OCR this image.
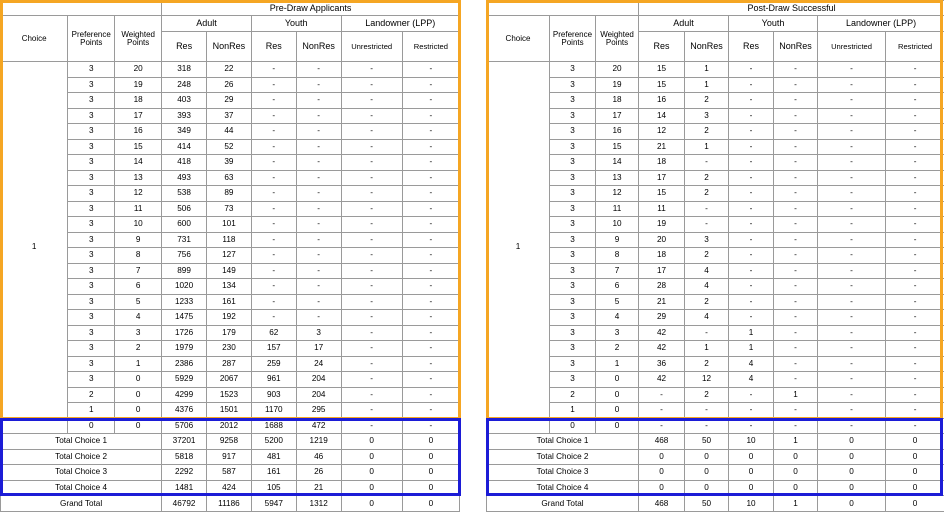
			Pre-Draw Applicants					
Choice	Preference Points	Weighted Points	Adult		Youth		Landowner (LPP)	
			Res	NonRes	Res	NonRes	Unrestricted	Restricted
1	3	20	318	22	-	-	-	-
	3	19	248	26	-	-	-	-
	3	18	403	29	-	-	-	-
	3	17	393	37	-	-	-	-
	3	16	349	44	-	-	-	-
	3	15	414	52	-	-	-	-
	3	14	418	39	-	-	-	-
	3	13	493	63	-	-	-	-
	3	12	538	89	-	-	-	-
	3	11	506	73	-	-	-	-
	3	10	600	101	-	-	-	-
	3	9	731	118	-	-	-	-
	3	8	756	127	-	-	-	-
	3	7	899	149	-	-	-	-
	3	6	1020	134	-	-	-	-
	3	5	1233	161	-	-	-	-
	3	4	1475	192	-	-	-	-
	3	3	1726	179	62	3	-	-
	3	2	1979	230	157	17	-	-
	3	1	2386	287	259	24	-	-
	3	0	5929	2067	961	204	-	-
	2	0	4299	1523	903	204	-	-
	1	0	4376	1501	1170	295	-	-
	0	0	5706	2012	1688	472	-	-
Total Choice 1			37201	9258	5200	1219	0	0
Total Choice 2			5818	917	481	46	0	0
Total Choice 3			2292	587	161	26	0	0
Total Choice 4			1481	424	105	21	0	0
Grand Total			46792	11186	5947	1312	0	0
			Post-Draw Successful					
Choice	Preference Points	Weighted Points	Adult		Youth		Landowner (LPP)	
			Res	NonRes	Res	NonRes	Unrestricted	Restricted
1	3	20	15	1	-	-	-	-
	3	19	15	1	-	-	-	-
	3	18	16	2	-	-	-	-
	3	17	14	3	-	-	-	-
	3	16	12	2	-	-	-	-
	3	15	21	1	-	-	-	-
	3	14	18	-	-	-	-	-
	3	13	17	2	-	-	-	-
	3	12	15	2	-	-	-	-
	3	11	11	-	-	-	-	-
	3	10	19	-	-	-	-	-
	3	9	20	3	-	-	-	-
	3	8	18	2	-	-	-	-
	3	7	17	4	-	-	-	-
	3	6	28	4	-	-	-	-
	3	5	21	2	-	-	-	-
	3	4	29	4	-	-	-	-
	3	3	42	-	1	-	-	-
	3	2	42	1	1	-	-	-
	3	1	36	2	4	-	-	-
	3	0	42	12	4	-	-	-
	2	0	-	2	-	1	-	-
	1	0	-	-	-	-	-	-
	0	0	-	-	-	-	-	-
Total Choice 1			468	50	10	1	0	0
Total Choice 2			0	0	0	0	0	0
Total Choice 3			0	0	0	0	0	0
Total Choice 4			0	0	0	0	0	0
Grand Total			468	50	10	1	0	0
